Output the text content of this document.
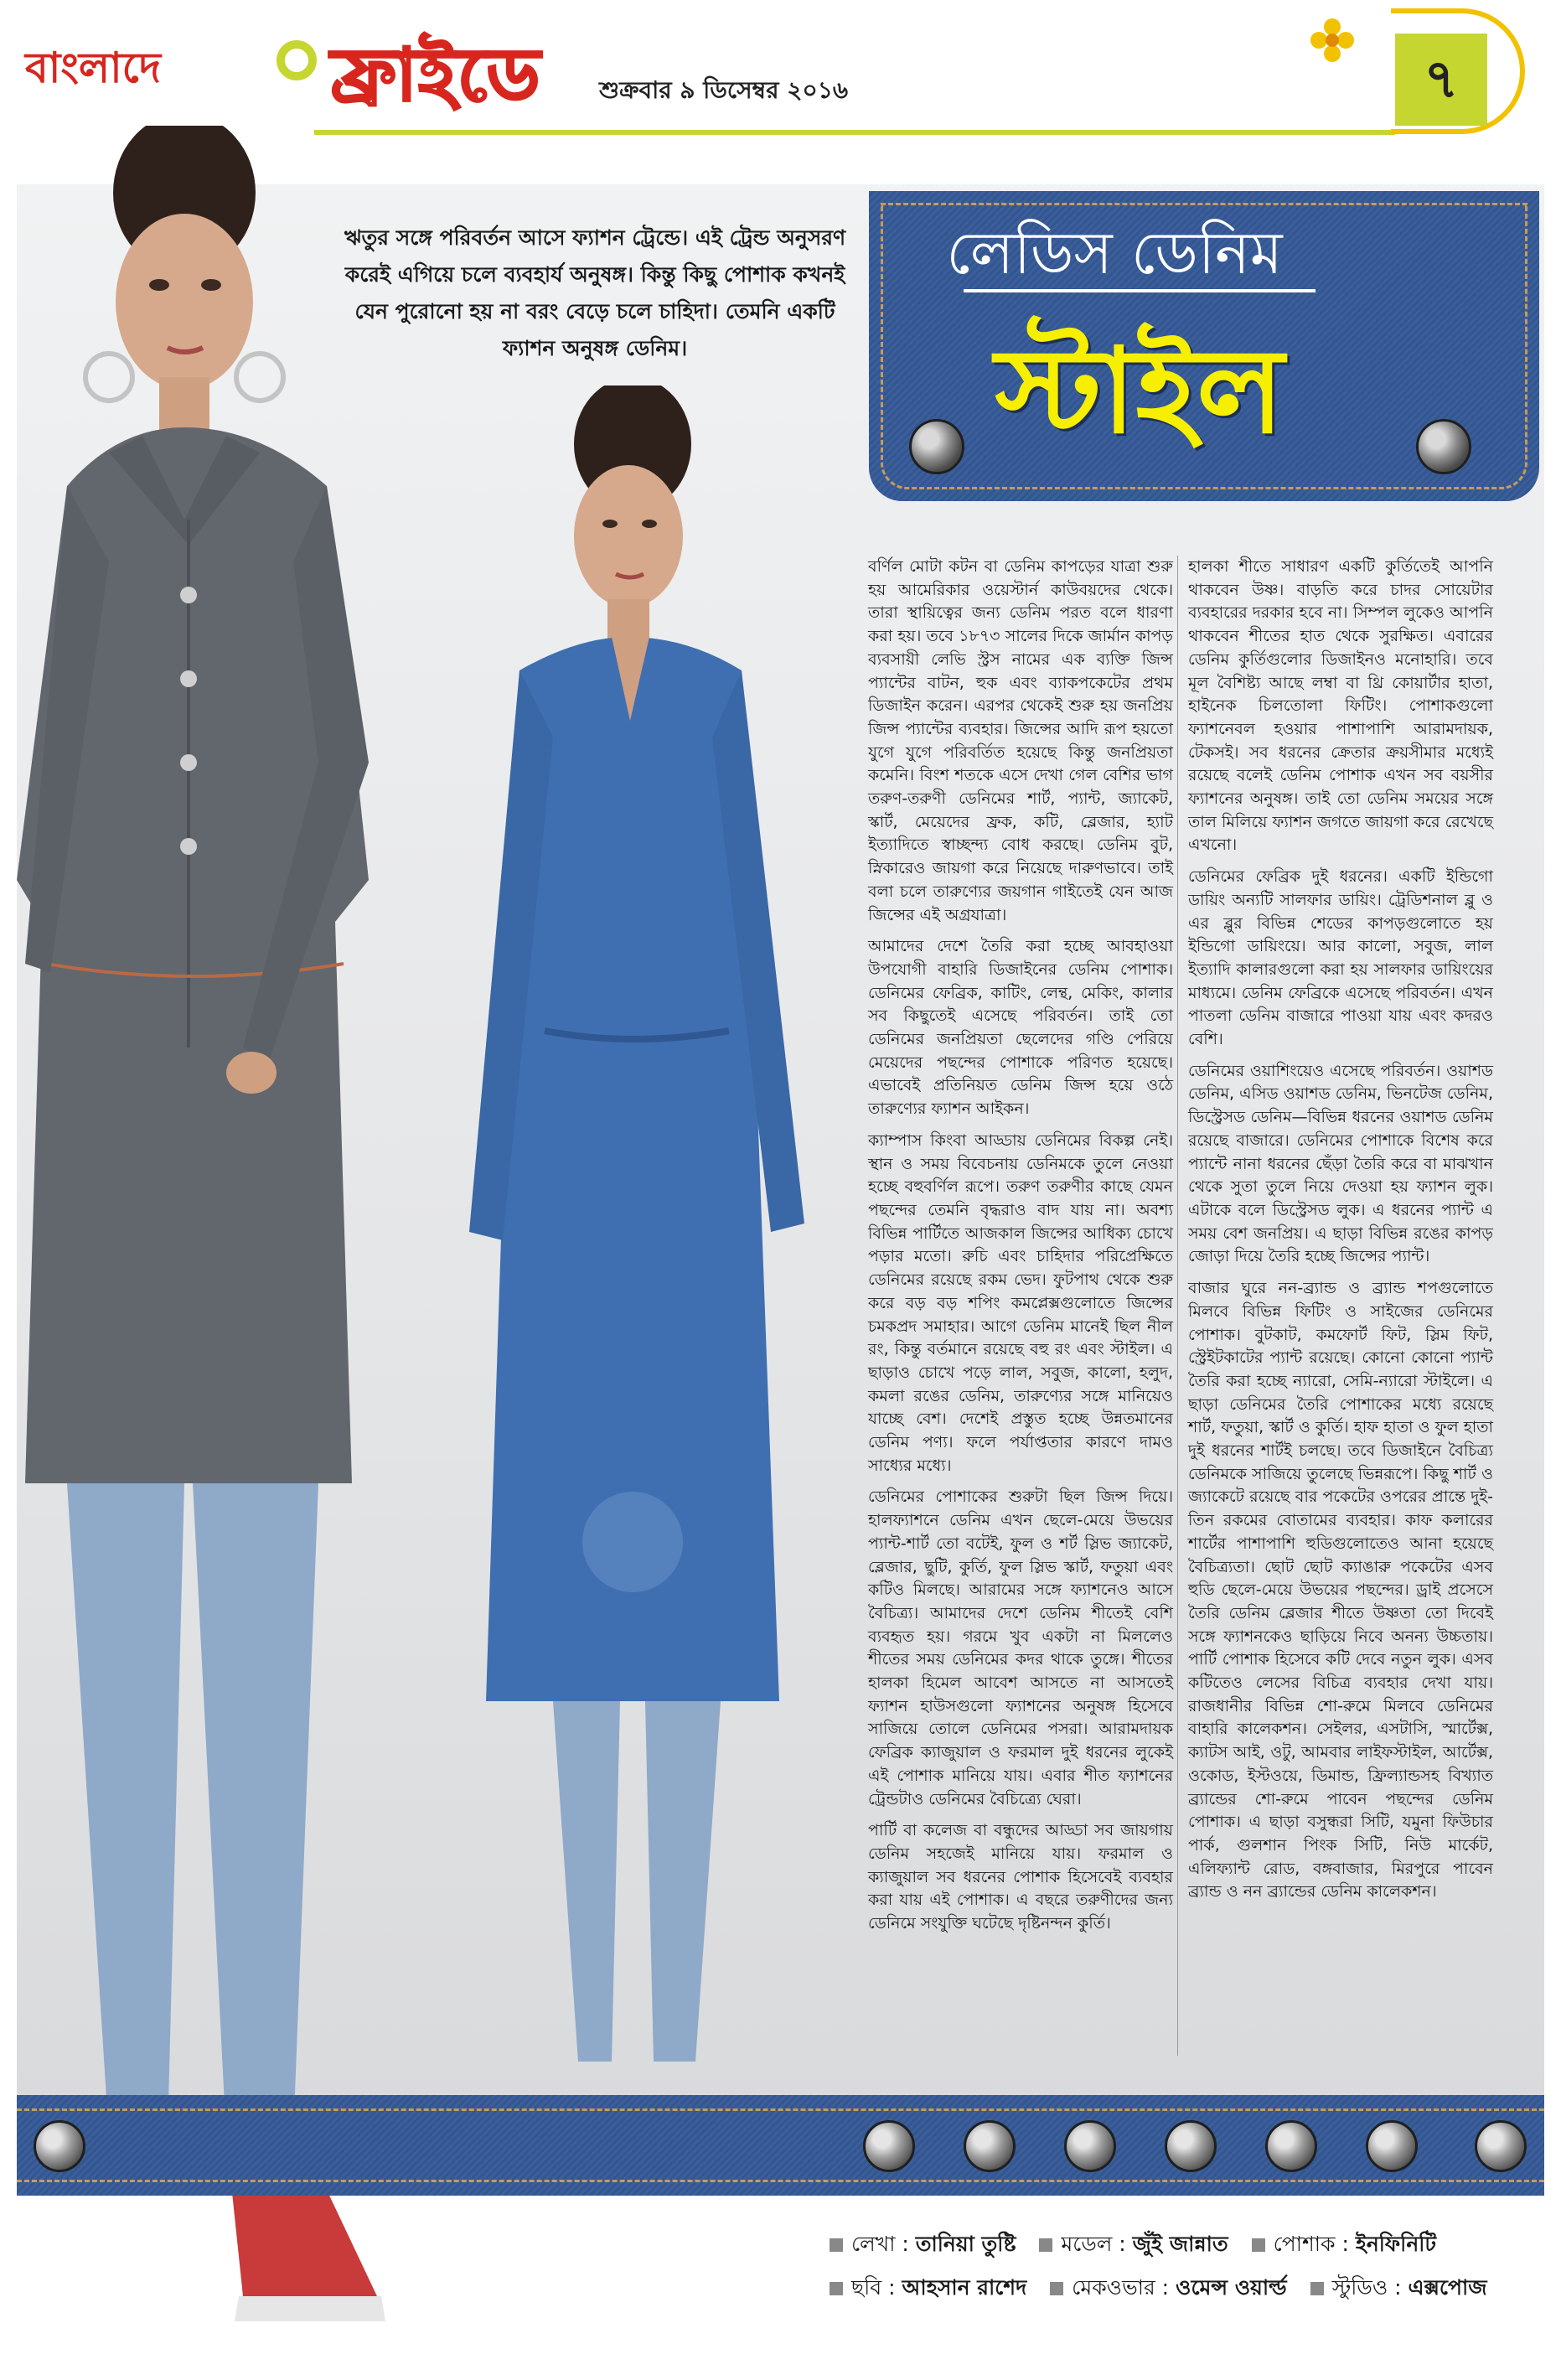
বাংলাদে ফ্রাইডে শুক্রবার ৯ ডিসেম্বর ২০১৬	৭
ঋতুর সঙ্গে পরিবর্তন আসে ফ্যাশন ট্রেন্ডে। এই ট্রেন্ড অনুসরণ করেই এগিয়ে চলে ব্যবহার্য অনুষঙ্গ। কিন্তু কিছু পোশাক কখনই যেন পুরোনো হয় না বরং বেড়ে চলে চাহিদা। তেমনি একটি ফ্যাশন অনুষঙ্গ ডেনিম।
লেডিস ডেনিম
স্টাইল

বর্ণিল মোটা কটন বা ডেনিম কাপড়ের যাত্রা শুরু হয় আমেরিকার ওয়েস্টার্ন কাউবয়দের থেকে। তারা স্থায়িত্বের জন্য ডেনিম পরত বলে ধারণা করা হয়। তবে ১৮৭৩ সালের দিকে জার্মান কাপড় ব্যবসায়ী লেভি স্ট্রস নামের এক ব্যক্তি জিন্স প্যান্টের বাটন, হুক এবং ব্যাকপকেটের প্রথম ডিজাইন করেন। এরপর থেকেই শুরু হয় জনপ্রিয় জিন্স প্যান্টের ব্যবহার। জিন্সের আদি রূপ হয়তো যুগে যুগে পরিবর্তিত হয়েছে কিন্তু জনপ্রিয়তা কমেনি। বিংশ শতকে এসে দেখা গেল বেশির ভাগ তরুণ-তরুণী ডেনিমের শার্ট, প্যান্ট, জ্যাকেট, স্কার্ট, মেয়েদের ফ্রক, কটি, ব্লেজার, হ্যাট ইত্যাদিতে স্বাচ্ছন্দ্য বোধ করছে। ডেনিম বুট, স্নিকারেও জায়গা করে নিয়েছে দারুণভাবে। তাই বলা চলে তারুণ্যের জয়গান গাইতেই যেন আজ জিন্সের এই অগ্রযাত্রা।

আমাদের দেশে তৈরি করা হচ্ছে আবহাওয়া উপযোগী বাহারি ডিজাইনের ডেনিম পোশাক। ডেনিমের ফেব্রিক, কাটিং, লেন্থ, মেকিং, কালার সব কিছুতেই এসেছে পরিবর্তন। তাই তো ডেনিমের জনপ্রিয়তা ছেলেদের গণ্ডি পেরিয়ে মেয়েদের পছন্দের পোশাকে পরিণত হয়েছে। এভাবেই প্রতিনিয়ত ডেনিম জিন্স হয়ে ওঠে তারুণ্যের ফ্যাশন আইকন।

ক্যাম্পাস কিংবা আড্ডায় ডেনিমের বিকল্প নেই। স্থান ও সময় বিবেচনায় ডেনিমকে তুলে নেওয়া হচ্ছে বহুবর্ণিল রূপে। তরুণ তরুণীর কাছে যেমন পছন্দের তেমনি বৃদ্ধরাও বাদ যায় না। অবশ্য বিভিন্ন পার্টিতে আজকাল জিন্সের আধিক্য চোখে পড়ার মতো। রুচি এবং চাহিদার পরিপ্রেক্ষিতে ডেনিমের রয়েছে রকম ভেদ। ফুটপাথ থেকে শুরু করে বড় বড় শপিং কমপ্লেক্সগুলোতে জিন্সের চমকপ্রদ সমাহার। আগে ডেনিম মানেই ছিল নীল রং, কিন্তু বর্তমানে রয়েছে বহু রং এবং স্টাইল। এ ছাড়াও চোখে পড়ে লাল, সবুজ, কালো, হলুদ, কমলা রঙের ডেনিম, তারুণ্যের সঙ্গে মানিয়েও যাচ্ছে বেশ। দেশেই প্রস্তুত হচ্ছে উন্নতমানের ডেনিম পণ্য। ফলে পর্যাপ্ততার কারণে দামও সাধ্যের মধ্যে।

ডেনিমের পোশাকের শুরুটা ছিল জিন্স দিয়ে। হালফ্যাশনে ডেনিম এখন ছেলে-মেয়ে উভয়ের প্যান্ট-শার্ট তো বটেই, ফুল ও শর্ট স্লিভ জ্যাকেট, ব্লেজার, ছুটি, কুর্তি, ফুল স্লিভ স্কার্ট, ফতুয়া এবং কটিও মিলছে। আরামের সঙ্গে ফ্যাশনেও আসে বৈচিত্র্য। আমাদের দেশে ডেনিম শীতেই বেশি ব্যবহৃত হয়। গরমে খুব একটা না মিললেও শীতের সময় ডেনিমের কদর থাকে তুঙ্গে। শীতের হালকা হিমেল আবেশ আসতে না আসতেই ফ্যাশন হাউসগুলো ফ্যাশনের অনুষঙ্গ হিসেবে সাজিয়ে তোলে ডেনিমের পসরা। আরামদায়ক ফেব্রিক ক্যাজুয়াল ও ফরমাল দুই ধরনের লুকেই এই পোশাক মানিয়ে যায়। এবার শীত ফ্যাশনের ট্রেন্ডটাও ডেনিমের বৈচিত্র্যে ঘেরা।

পার্টি বা কলেজ বা বন্ধুদের আড্ডা সব জায়গায় ডেনিম সহজেই মানিয়ে যায়। ফরমাল ও ক্যাজুয়াল সব ধরনের পোশাক হিসেবেই ব্যবহার করা যায় এই পোশাক। এ বছরে তরুণীদের জন্য ডেনিমে সংযুক্তি ঘটেছে দৃষ্টিনন্দন কুর্তি।

হালকা শীতে সাধারণ একটি কুর্তিতেই আপনি থাকবেন উষ্ণ। বাড়তি করে চাদর সোয়েটার ব্যবহারের দরকার হবে না। সিম্পল লুকেও আপনি থাকবেন শীতের হাত থেকে সুরক্ষিত। এবারের ডেনিম কুর্তিগুলোর ডিজাইনও মনোহারি। তবে মূল বৈশিষ্ট্য আছে লম্বা বা থ্রি কোয়ার্টার হাতা, হাইনেক চিলতোলা ফিটিং। পোশাকগুলো ফ্যাশনেবল হওয়ার পাশাপাশি আরামদায়ক, টেকসই। সব ধরনের ক্রেতার ক্রয়সীমার মধ্যেই রয়েছে বলেই ডেনিম পোশাক এখন সব বয়সীর ফ্যাশনের অনুষঙ্গ। তাই তো ডেনিম সময়ের সঙ্গে তাল মিলিয়ে ফ্যাশন জগতে জায়গা করে রেখেছে এখনো।

ডেনিমের ফেব্রিক দুই ধরনের। একটি ইন্ডিগো ডায়িং অন্যটি সালফার ডায়িং। ট্রেডিশনাল ব্লু ও এর ব্লুর বিভিন্ন শেডের কাপড়গুলোতে হয় ইন্ডিগো ডায়িংয়ে। আর কালো, সবুজ, লাল ইত্যাদি কালারগুলো করা হয় সালফার ডায়িংয়ের মাধ্যমে। ডেনিম ফেব্রিকে এসেছে পরিবর্তন। এখন পাতলা ডেনিম বাজারে পাওয়া যায় এবং কদরও বেশি।

ডেনিমের ওয়াশিংয়েও এসেছে পরিবর্তন। ওয়াশড ডেনিম, এসিড ওয়াশড ডেনিম, ভিনটেজ ডেনিম, ডিস্ট্রেসড ডেনিম—বিভিন্ন ধরনের ওয়াশড ডেনিম রয়েছে বাজারে। ডেনিমের পোশাকে বিশেষ করে প্যান্টে নানা ধরনের ছেঁড়া তৈরি করে বা মাঝখান থেকে সুতা তুলে নিয়ে দেওয়া হয় ফ্যাশন লুক। এটাকে বলে ডিস্ট্রেসড লুক। এ ধরনের প্যান্ট এ সময় বেশ জনপ্রিয়। এ ছাড়া বিভিন্ন রঙের কাপড় জোড়া দিয়ে তৈরি হচ্ছে জিন্সের প্যান্ট।

বাজার ঘুরে নন-ব্র্যান্ড ও ব্র্যান্ড শপগুলোতে মিলবে বিভিন্ন ফিটিং ও সাইজের ডেনিমের পোশাক। বুটকাট, কমফোর্ট ফিট, স্লিম ফিট, স্ট্রেইটকাটের প্যান্ট রয়েছে। কোনো কোনো প্যান্ট তৈরি করা হচ্ছে ন্যারো, সেমি-ন্যারো স্টাইলে। এ ছাড়া ডেনিমের তৈরি পোশাকের মধ্যে রয়েছে শার্ট, ফতুয়া, স্কার্ট ও কুর্তি। হাফ হাতা ও ফুল হাতা দুই ধরনের শার্টই চলছে। তবে ডিজাইনে বৈচিত্র্য ডেনিমকে সাজিয়ে তুলেছে ভিন্নরূপে। কিছু শার্ট ও জ্যাকেটে রয়েছে বার পকেটের ওপরের প্রান্তে দুই-তিন রকমের বোতামের ব্যবহার। কাফ কলারের শার্টের পাশাপাশি হুডিগুলোতেও আনা হয়েছে বৈচিত্র্যতা। ছোট ছোট ক্যাঙারু পকেটের এসব হুডি ছেলে-মেয়ে উভয়ের পছন্দের। ড্রাই প্রসেসে তৈরি ডেনিম ব্লেজার শীতে উষ্ণতা তো দিবেই সঙ্গে ফ্যাশনকেও ছাড়িয়ে নিবে অনন্য উচ্চতায়। পার্টি পোশাক হিসেবে কটি দেবে নতুন লুক। এসব কটিতেও লেসের বিচিত্র ব্যবহার দেখা যায়। রাজধানীর বিভিন্ন শো-রুমে মিলবে ডেনিমের বাহারি কালেকশন। সেইলর, এসটাসি, স্মার্টেক্স, ক্যাটস আই, ওটু, আমবার লাইফস্টাইল, আর্টেক্স, ওকোড, ইস্টওয়ে, ডিমান্ড, ফ্রিল্যান্ডসহ বিখ্যাত ব্র্যান্ডের শো-রুমে পাবেন পছন্দের ডেনিম পোশাক। এ ছাড়া বসুন্ধরা সিটি, যমুনা ফিউচার পার্ক, গুলশান পিংক সিটি, নিউ মার্কেট, এলিফ্যান্ট রোড, বঙ্গবাজার, মিরপুরে পাবেন ব্র্যান্ড ও নন ব্র্যান্ডের ডেনিম কালেকশন।

লেখা : তানিয়া তুষ্টি মডেল : জুঁই জান্নাত পোশাক : ইনফিনিটি
ছবি : আহসান রাশেদ মেকওভার : ওমেন্স ওয়ার্ল্ড স্টুডিও : এক্সপোজ
